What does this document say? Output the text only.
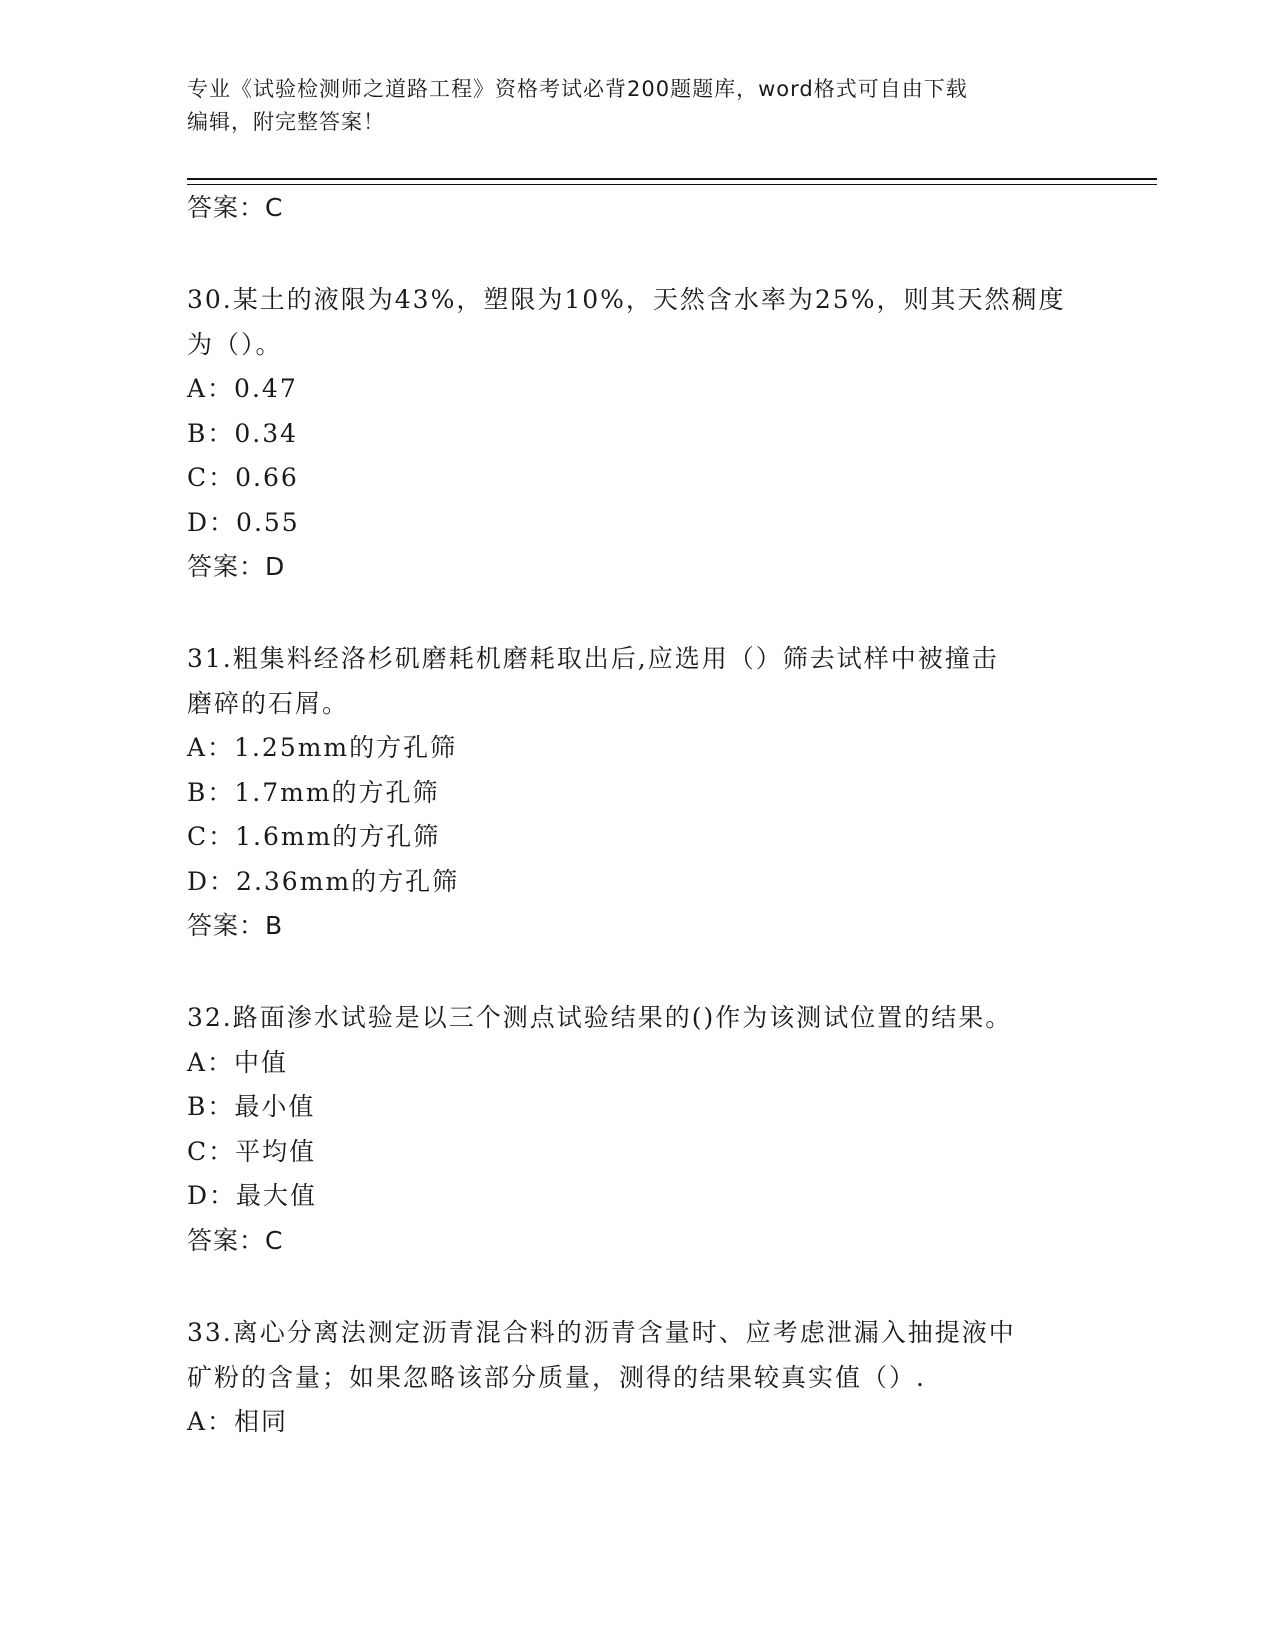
专业《试验检测师之道路工程》资格考试必背200题题库，word格式可自由下载
编辑，附完整答案！
答案：C
30.某土的液限为43%，塑限为10%，天然含水率为25%，则其天然稠度
为（）。
A：0.47
B：0.34
C：0.66
D：0.55
答案：D
31.粗集料经洛杉矶磨耗机磨耗取出后,应选用（）筛去试样中被撞击
磨碎的石屑。
A：1.25mm的方孔筛
B：1.7mm的方孔筛
C：1.6mm的方孔筛
D：2.36mm的方孔筛
答案：B
32.路面渗水试验是以三个测点试验结果的()作为该测试位置的结果。
A：中值
B：最小值
C：平均值
D：最大值
答案：C
33.离心分离法测定沥青混合料的沥青含量时、应考虑泄漏入抽提液中
矿粉的含量；如果忽略该部分质量，测得的结果较真实值（）.
A：相同
